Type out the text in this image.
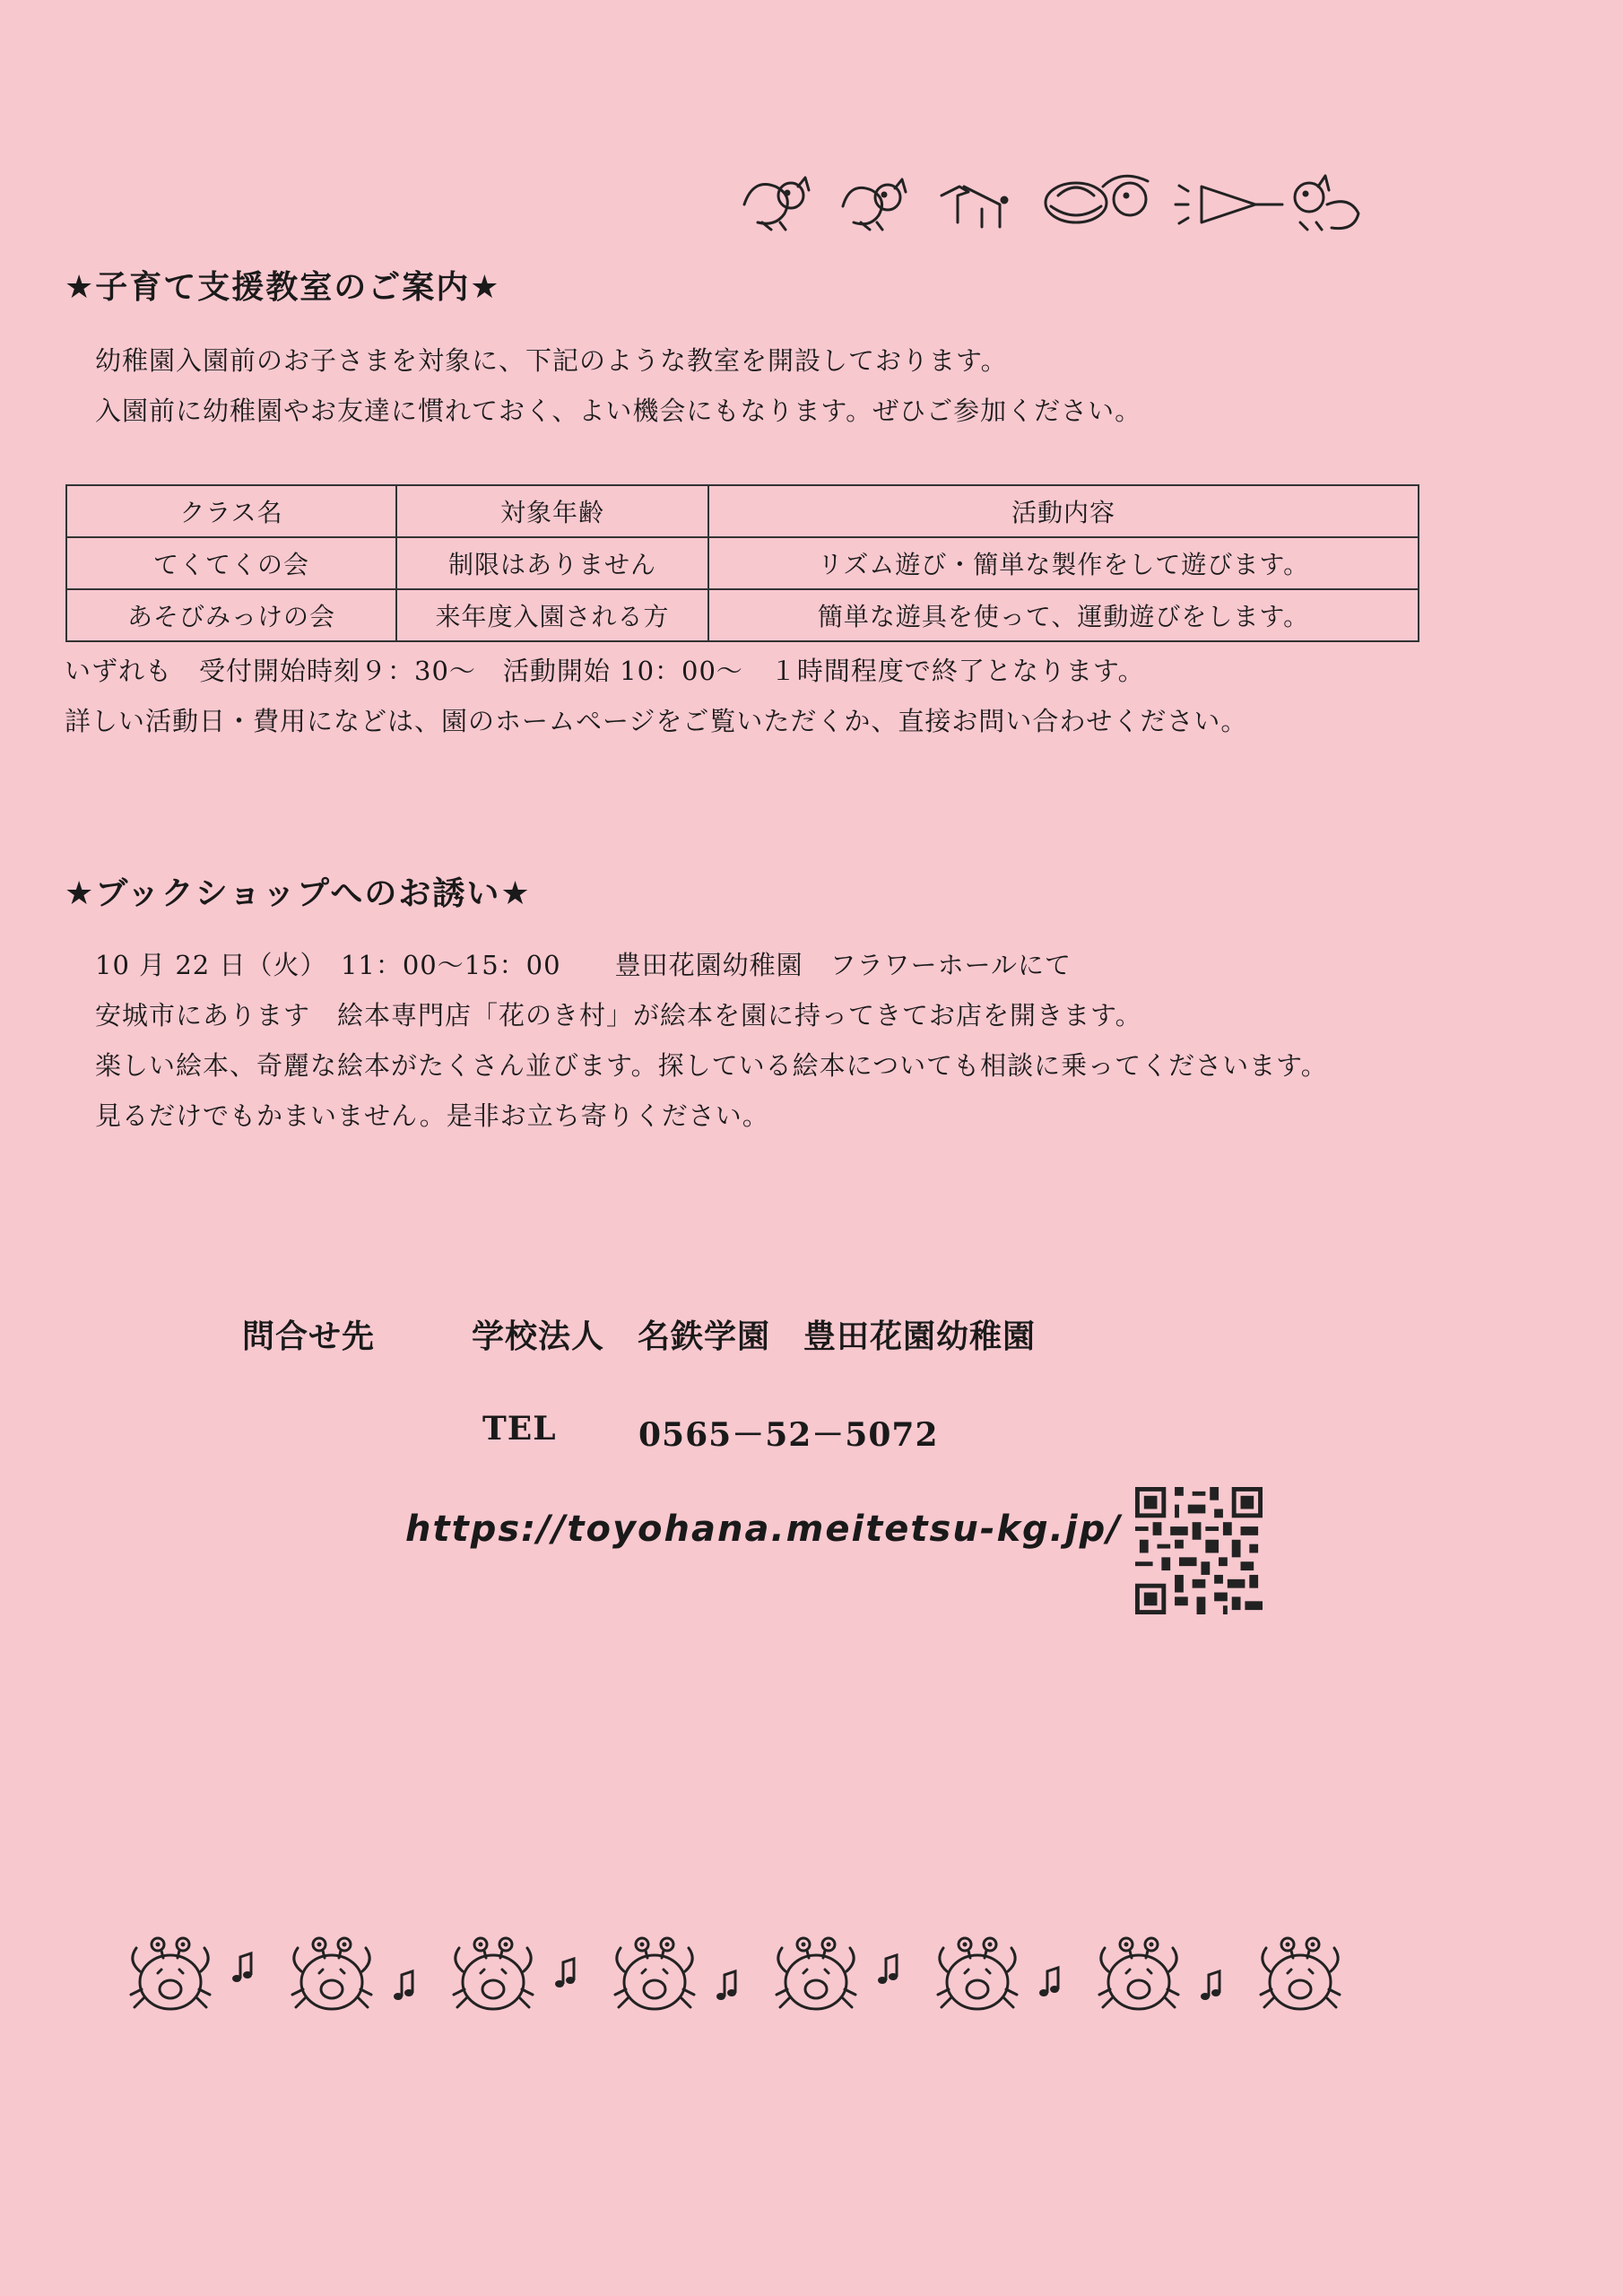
★子育て支援教室のご案内★
幼稚園入園前のお子さまを対象に、下記のような教室を開設しております。
入園前に幼稚園やお友達に慣れておく、よい機会にもなります。ぜひご参加ください。
クラス名	対象年齢	活動内容
てくてくの会	制限はありません	リズム遊び・簡単な製作をして遊びます。
あそびみっけの会	来年度入園される方	簡単な遊具を使って、運動遊びをします。
いずれも　受付開始時刻９：30～　活動開始 10：00～　１時間程度で終了となります。
詳しい活動日・費用になどは、園のホームページをご覧いただくか、直接お問い合わせください。
★ブックショップへのお誘い★
10 月 22 日（火）　11：00～15：00　　豊田花園幼稚園　フラワーホールにて
安城市にあります　絵本専門店「花のき村」が絵本を園に持ってきてお店を開きます。
楽しい絵本、奇麗な絵本がたくさん並びます。探している絵本についても相談に乗ってくださいます。
見るだけでもかまいません。是非お立ち寄りください。
問合せ先	学校法人　名鉄学園　豊田花園幼稚園
TEL	0565－52－5072
https://toyohana.meitetsu-kg.jp/
